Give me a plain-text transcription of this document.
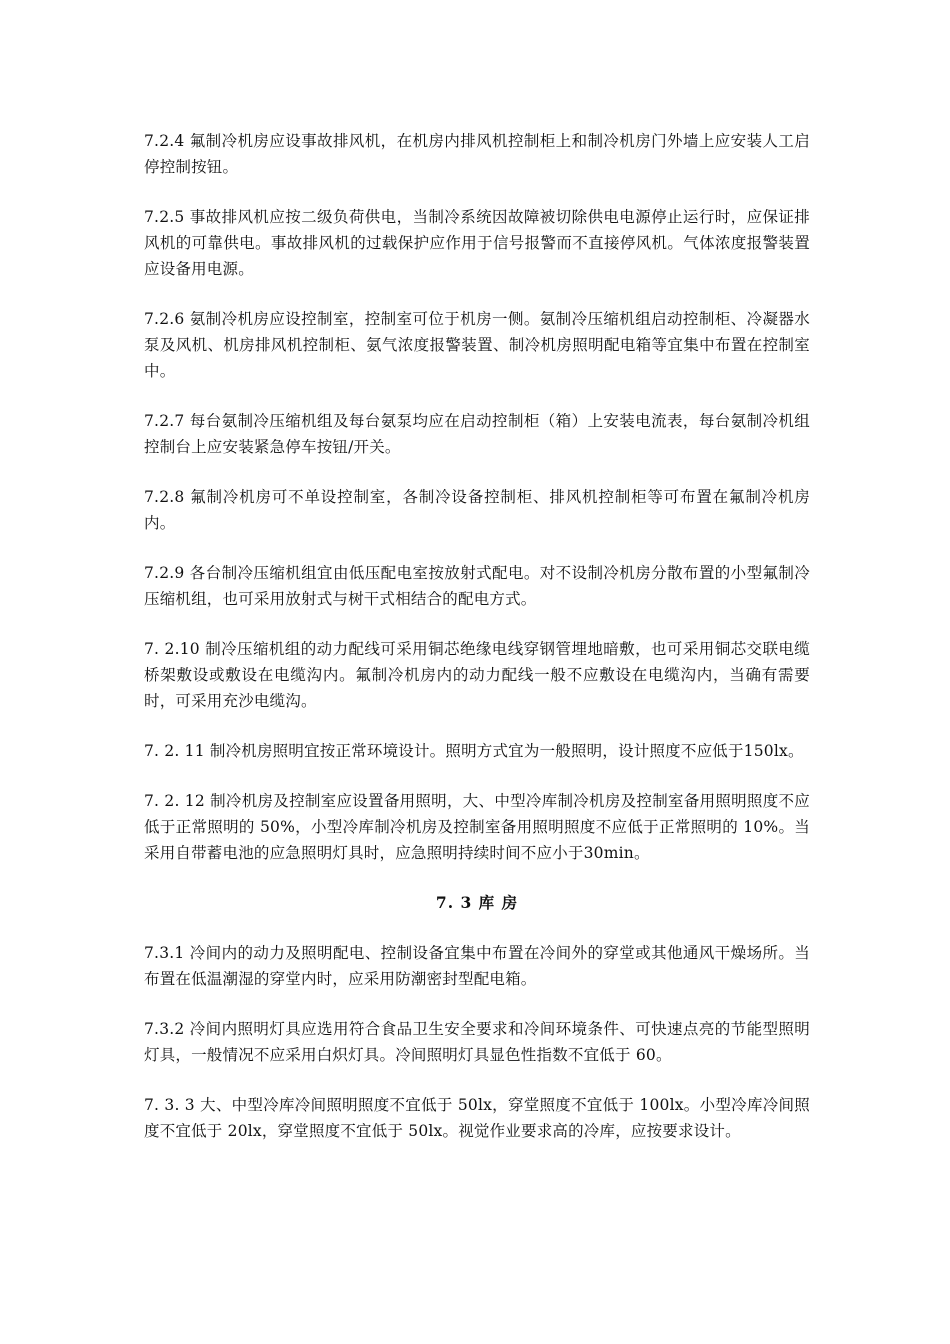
7.2.4 氟制冷机房应设事故排风机，在机房内排风机控制柜上和制冷机房门外墙上应安装人工启停控制按钮。

7.2.5 事故排风机应按二级负荷供电，当制冷系统因故障被切除供电电源停止运行时，应保证排风机的可靠供电。事故排风机的过载保护应作用于信号报警而不直接停风机。气体浓度报警装置应设备用电源。

7.2.6 氨制冷机房应设控制室，控制室可位于机房一侧。氨制冷压缩机组启动控制柜、冷凝器水泵及风机、机房排风机控制柜、氨气浓度报警装置、制冷机房照明配电箱等宜集中布置在控制室中。

7.2.7 每台氨制冷压缩机组及每台氨泵均应在启动控制柜（箱）上安装电流表，每台氨制冷机组控制台上应安装紧急停车按钮/开关。

7.2.8 氟制冷机房可不单设控制室，各制冷设备控制柜、排风机控制柜等可布置在氟制冷机房内。

7.2.9 各台制冷压缩机组宜由低压配电室按放射式配电。对不设制冷机房分散布置的小型氟制冷压缩机组，也可采用放射式与树干式相结合的配电方式。

7. 2.10 制冷压缩机组的动力配线可采用铜芯绝缘电线穿钢管埋地暗敷，也可采用铜芯交联电缆桥架敷设或敷设在电缆沟内。氟制冷机房内的动力配线一般不应敷设在电缆沟内，当确有需要时，可采用充沙电缆沟。

7. 2. 11 制冷机房照明宜按正常环境设计。照明方式宜为一般照明，设计照度不应低于150lx。

7. 2. 12 制冷机房及控制室应设置备用照明，大、中型冷库制冷机房及控制室备用照明照度不应低于正常照明的 50%，小型冷库制冷机房及控制室备用照明照度不应低于正常照明的 10%。当采用自带蓄电池的应急照明灯具时，应急照明持续时间不应小于30min。

7. 3 库 房

7.3.1 冷间内的动力及照明配电、控制设备宜集中布置在冷间外的穿堂或其他通风干燥场所。当布置在低温潮湿的穿堂内时，应采用防潮密封型配电箱。

7.3.2 冷间内照明灯具应选用符合食品卫生安全要求和冷间环境条件、可快速点亮的节能型照明灯具，一般情况不应采用白炽灯具。冷间照明灯具显色性指数不宜低于 60。

7. 3. 3 大、中型冷库冷间照明照度不宜低于 50lx，穿堂照度不宜低于 100lx。小型冷库冷间照度不宜低于 20lx，穿堂照度不宜低于 50lx。视觉作业要求高的冷库，应按要求设计。
